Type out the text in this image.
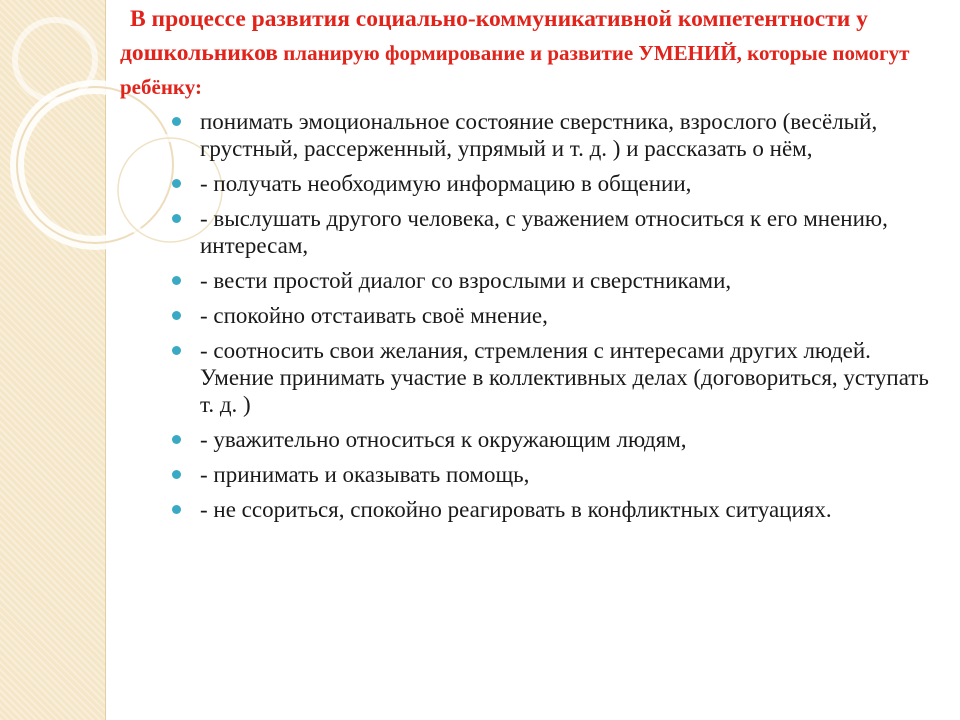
В процессе развития социально-коммуникативной компетентности у дошкольников планирую формирование и развитие УМЕНИЙ, которые помогут ребёнку:

понимать эмоциональное состояние сверстника, взрослого (весёлый, грустный, рассерженный, упрямый и т. д. ) и рассказать о нём,
- получать необходимую информацию в общении,
- выслушать другого человека, с уважением относиться к его мнению, интересам,
- вести простой диалог со взрослыми и сверстниками,
- спокойно отстаивать своё мнение,
- соотносить свои желания, стремления с интересами других людей. Умение принимать участие в коллективных делах (договориться, уступать т. д. )
- уважительно относиться к окружающим людям,
- принимать и оказывать помощь,
- не ссориться, спокойно реагировать в конфликтных ситуациях.
